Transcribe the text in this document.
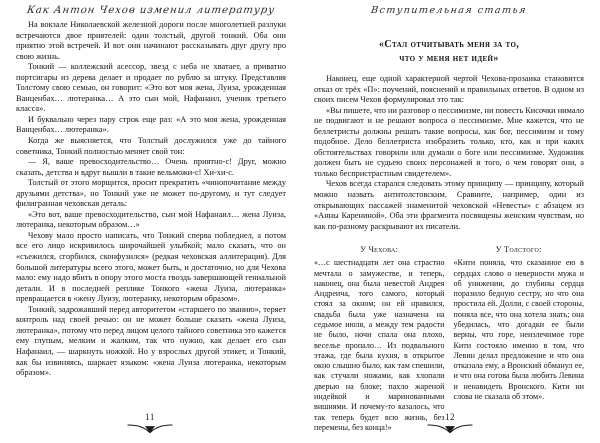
Как Антон Чехов изменил литературу

На вокзале Николаевской железной дороги после многолетней разлуки встречаются двое приятелей: один толстый, другой тонкий. Оба они приятно этой встречей. И вот они начинают рассказывать друг другу про свою жизнь.

Тонкий — коллежский асессор, звезд с неба не хватает, а приватно портсигары из дерева делает и продает по рублю за штуку. Представляя Толстому свою семью, он говорит: «Это вот моя жена, Луиза, урожденная Ванценбах… лютеранка… А это сын мой, Нафанаил, ученик третьего класса».

И буквально через пару строк еще раз: «А это моя жена, урожденная Ванценбах… лютеранка».

Когда же выясняется, что Толстый дослужился уже до тайного советника, Тонкий полностью меняет свой тон:

— Я, ваше превосходительство… Очень приятно-с! Друг, можно сказать, детства и вдруг вышли в такие вельможи-с! Хи-хи-с.

Толстый от этого морщится, просит прекратить «чинопочитание между друзьями детства», но Тонкий уже не может по-другому, и тут следует филигранная чеховская деталь:

«Это вот, ваше превосходительство, сын мой Нафанаил… жена Луиза, лютеранка, некоторым образом…»

Чехову мало просто написать, что Тонкий сперва побледнел, а потом все его лицо искривилось широчайшей улыбкой; мало сказать, что он «съежился, сгорбился, сконфузился» (редкая чеховская аллитерация). Для большой литературы всего этого, может быть, и достаточно, но для Чехова мало: ему надо вбить в опору этого моста гвоздь завершающей гениальной детали. И в последней реплике Тонкого «жена Луиза, лютеранка» превращается в «жену Луизу, лютеранку, некоторым образом».

Тонкий, задрожавший перед авторитетом «старшего по званию», теряет контроль над своей речью: он не может больше сказать «жена Луиза, лютеранка», потому что перед лицом целого тайного советника это кажется ему глупым, мелким и жалким, так что нужно, как делает его сын Нафанаил, — шаркнуть ножкой. Но у взрослых другой этикет, и Тонкий, как бы извиняясь, шаркает языком: «жена Луиза лютеранка, некоторым образом».

11
Вступительная статья
«Стал отчитывать меня за то,
что у меня нет идей»

Наконец, еще одной характерной чертой Чехова-прозаика становится отказ от трёх «П»: поучений, пояснений и правильных ответов. В одном из своих писем Чехов формулировал это так:

«Вы пишете, что ни разговор о пессимизме, ни повесть Кисочки нимало не подвигают и не решают вопроса о пессимизме. Мне кажется, что не беллетристы должны решать такие вопросы, как бог, пессимизм и тому подобное. Дело беллетриста изобразить только, кто, как и при каких обстоятельствах говорили или думали о боге или пессимизме. Художник должен быть не судьею своих персонажей и того, о чем говорят они, а только беспристрастным свидетелем».

Чехов всегда старался следовать этому принципу — принципу, который можно назвать антитолстовским. Сравните, например, один из открывающих пассажей знаменитой чеховской «Невесты» с абзацем из «Анны Карениной». Оба эти фрагмента посвящены женским чувствам, но как по-разному раскрывают их писатели.

У Чехова:

«…с шестнадцати лет она страстно мечтала о замужестве, и теперь, наконец, она была невестой Андрея Андреича, того самого, который стоял за окном; он ей нравился, свадьба была уже назначена на седьмое июля, а между тем радости не было, ночи спала она плохо, веселье пропало… Из подвального этажа, где была кухня, в открытое окно слышно было, как там спешили, как стучали ножами, как хлопали дверью на блоке; пахло жареной индейкой и маринованными вишнями. И почему-то казалось, что так теперь будет всю жизнь, без перемены, без конца!»

У Толстого:

«Кити поняла, что сказанное ею в сердцах слово о неверности мужа и об унижении, до глубины сердца поразило бедную сестру, но что она простила ей. Долли, с своей стороны, поняла все, что она хотела знать; она убедилась, что догадки ее были верны, что горе, неизлечимое горе Кити состояло именно в том, что Левин делал предложение и что она отказала ему, а Вронский обманул ее, и что она готова была любить Левина и ненавидеть Вронского. Кити ни слова не сказала об этом».

12
